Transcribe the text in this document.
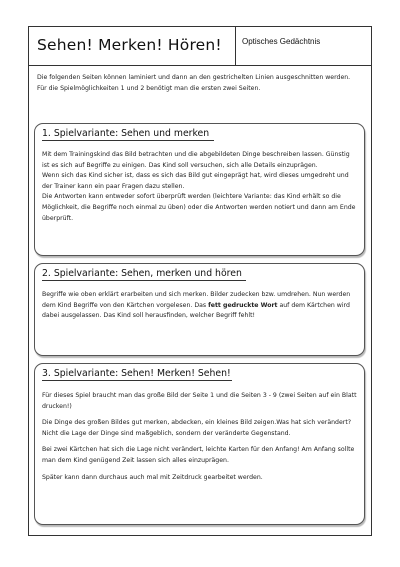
Sehen! Merken! Hören!	Optisches Gedächtnis
Die folgenden Seiten können laminiert und dann an den gestrichelten Linien ausgeschnitten werden. Für die Spielmöglichkeiten 1 und 2 benötigt man die ersten zwei Seiten.
1. Spielvariante: Sehen und merken
Mit dem Trainingskind das Bild betrachten und die abgebildeten Dinge beschreiben lassen. Günstig ist es sich auf Begriffe zu einigen. Das Kind soll versuchen, sich alle Details einzuprägen.
Wenn sich das Kind sicher ist, dass es sich das Bild gut eingeprägt hat, wird dieses umgedreht und der Trainer kann ein paar Fragen dazu stellen.
Die Antworten kann entweder sofort überprüft werden (leichtere Variante: das Kind erhält so die Möglichkeit, die Begriffe noch einmal zu üben) oder die Antworten werden notiert und dann am Ende überprüft.
2. Spielvariante: Sehen, merken und hören
Begriffe wie oben erklärt erarbeiten und sich merken. Bilder zudecken bzw. umdrehen. Nun werden dem Kind Begriffe von den Kärtchen vorgelesen. Das fett gedruckte Wort auf dem Kärtchen wird dabei ausgelassen. Das Kind soll herausfinden, welcher Begriff fehlt!
3. Spielvariante: Sehen! Merken! Sehen!

Für dieses Spiel braucht man das große Bild der Seite 1 und die Seiten 3 - 9 (zwei Seiten auf ein Blatt drucken!)

Die Dinge des großen Bildes gut merken, abdecken, ein kleines Bild zeigen.Was hat sich verändert? Nicht die Lage der Dinge sind maßgeblich, sondern der veränderte Gegenstand.

Bei zwei Kärtchen hat sich die Lage nicht verändert, leichte Karten für den Anfang! Am Anfang sollte man dem Kind genügend Zeit lassen sich alles einzuprägen.

Später kann dann durchaus auch mal mit Zeitdruck gearbeitet werden.
